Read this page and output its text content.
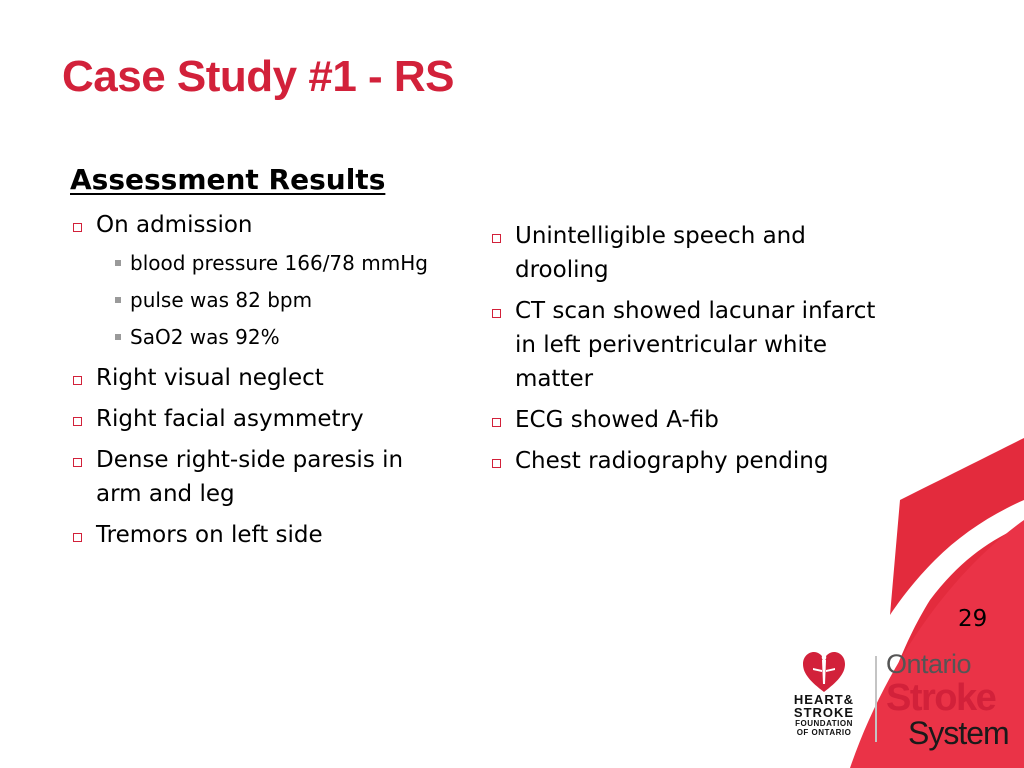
Case Study #1 - RS
Assessment Results
On admission
blood pressure 166/78 mmHg
pulse was 82 bpm
SaO2 was 92%
Right visual neglect
Right facial asymmetry
Dense right-side paresis in arm and leg
Tremors on left side
Unintelligible speech and drooling
CT scan showed lacunar infarct in left periventricular white matter
ECG showed A-fib
Chest radiography pending
29
HEART&
STROKE
FOUNDATION
OF ONTARIO
Ontario
Stroke
System
